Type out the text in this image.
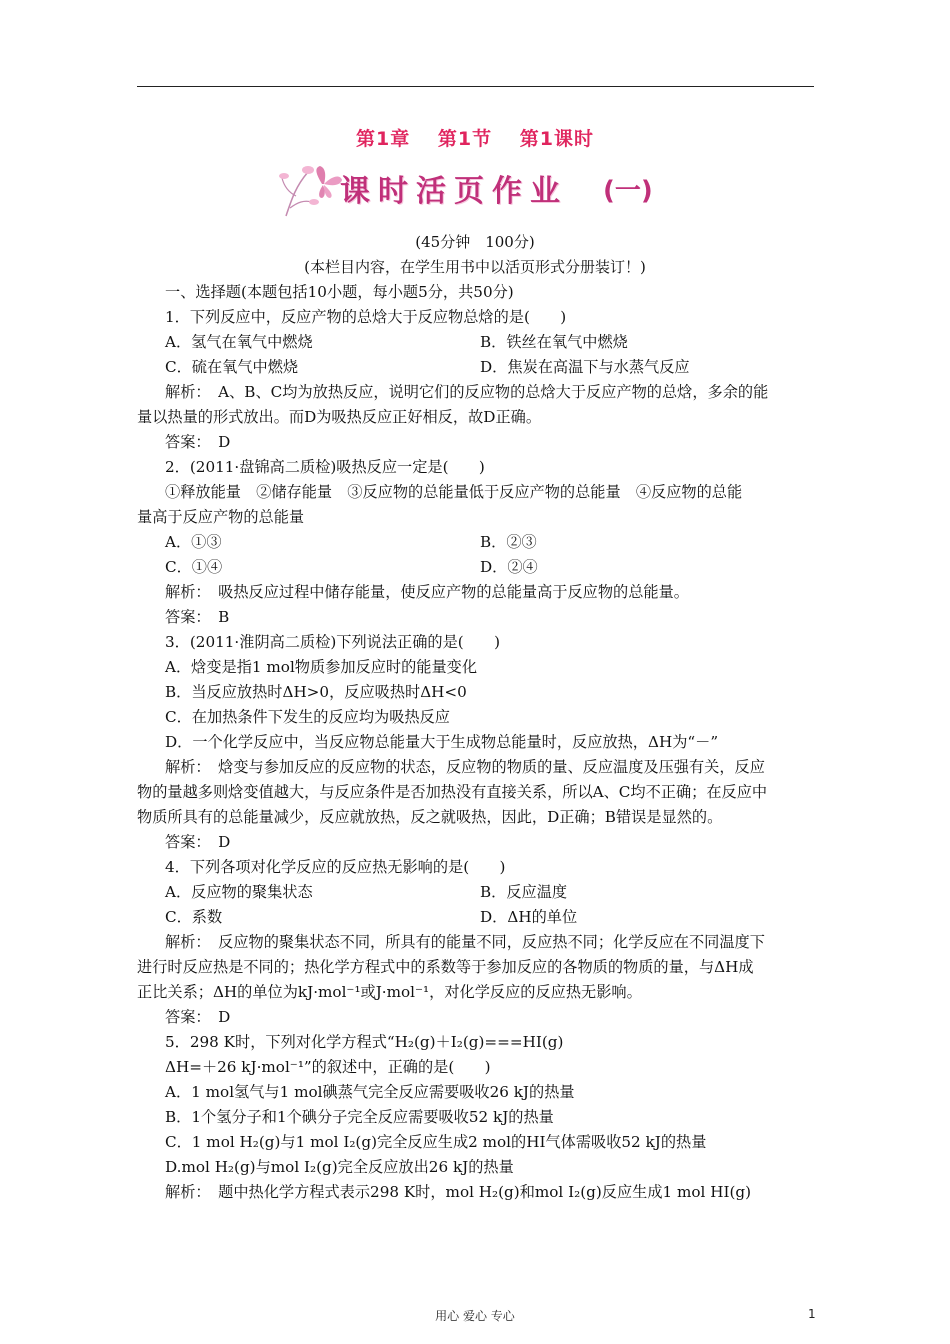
第1章 第1节 第1课时
课时活页作业 (一)
(45分钟　100分)
(本栏目内容，在学生用书中以活页形式分册装订！)
一、选择题(本题包括10小题，每小题5分，共50分)
1．下列反应中，反应产物的总焓大于反应物总焓的是(　　)
A．氢气在氧气中燃烧	B．铁丝在氧气中燃烧
C．硫在氧气中燃烧	D．焦炭在高温下与水蒸气反应
解析：　A、B、C均为放热反应，说明它们的反应物的总焓大于反应产物的总焓，多余的能
量以热量的形式放出。而D为吸热反应正好相反，故D正确。
答案：　D
2．(2011·盘锦高二质检)吸热反应一定是(　　)
①释放能量　②储存能量　③反应物的总能量低于反应产物的总能量　④反应物的总能
量高于反应产物的总能量
A．①③	B．②③
C．①④	D．②④
解析：　吸热反应过程中储存能量，使反应产物的总能量高于反应物的总能量。
答案：　B
3．(2011·淮阴高二质检)下列说法正确的是(　　)
A．焓变是指1 mol物质参加反应时的能量变化
B．当反应放热时ΔH>0，反应吸热时ΔH<0
C．在加热条件下发生的反应均为吸热反应
D．一个化学反应中，当反应物总能量大于生成物总能量时，反应放热，ΔH为“－”
解析：　焓变与参加反应的反应物的状态，反应物的物质的量、反应温度及压强有关，反应
物的量越多则焓变值越大，与反应条件是否加热没有直接关系，所以A、C均不正确；在反应中
物质所具有的总能量减少，反应就放热，反之就吸热，因此，D正确；B错误是显然的。
答案：　D
4．下列各项对化学反应的反应热无影响的是(　　)
A．反应物的聚集状态	B．反应温度
C．系数	D．ΔH的单位
解析：　反应物的聚集状态不同，所具有的能量不同，反应热不同；化学反应在不同温度下
进行时反应热是不同的；热化学方程式中的系数等于参加反应的各物质的物质的量，与ΔH成
正比关系；ΔH的单位为kJ·mol⁻¹或J·mol⁻¹，对化学反应的反应热无影响。
答案：　D
5．298 K时，下列对化学方程式“H₂(g)＋I₂(g)===HI(g)
ΔH=＋26 kJ·mol⁻¹”的叙述中，正确的是(　　)
A．1 mol氢气与1 mol碘蒸气完全反应需要吸收26 kJ的热量
B．1个氢分子和1个碘分子完全反应需要吸收52 kJ的热量
C．1 mol H₂(g)与1 mol I₂(g)完全反应生成2 mol的HI气体需吸收52 kJ的热量
D.mol H₂(g)与mol I₂(g)完全反应放出26 kJ的热量
解析：　题中热化学方程式表示298 K时，mol H₂(g)和mol I₂(g)反应生成1 mol HI(g)
用心 爱心 专心	1
